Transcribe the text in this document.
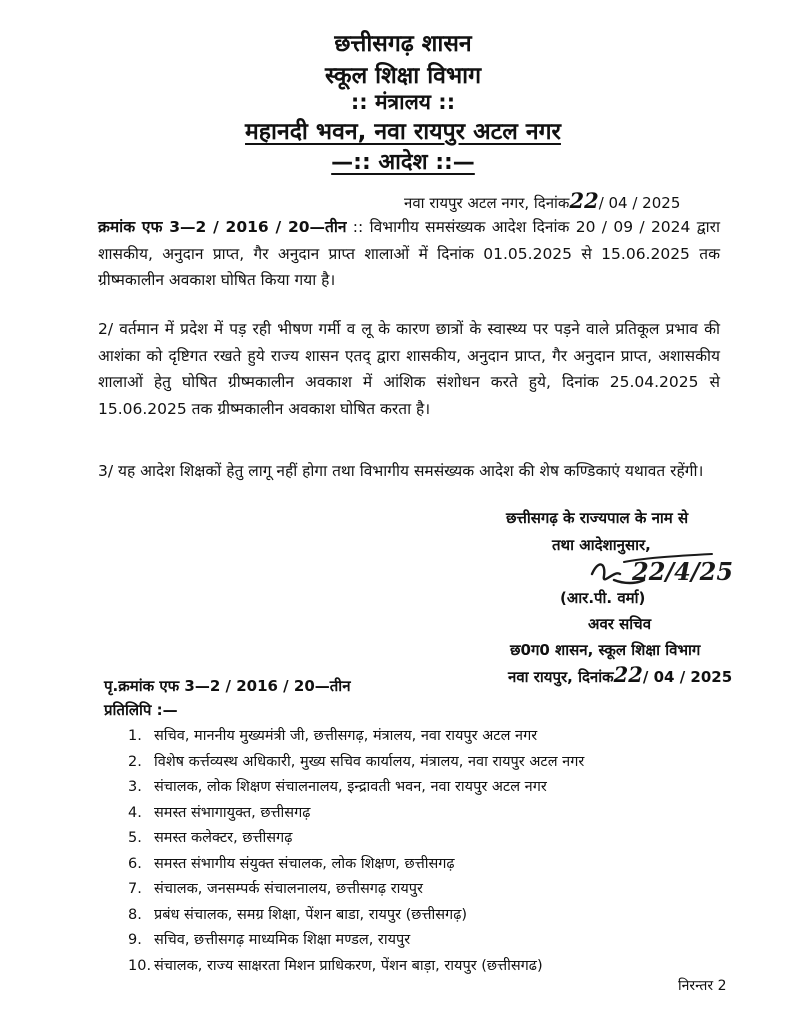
छत्तीसगढ़ शासन
स्कूल शिक्षा विभाग
:: मंत्रालय ::
महानदी भवन, नवा रायपुर अटल नगर
—:: आदेश ::—
नवा रायपुर अटल नगर, दिनांक22/ 04 / 2025
क्रमांक एफ 3—2 / 2016 / 20—तीन :: विभागीय समसंख्यक आदेश दिनांक 20 / 09 / 2024 द्वारा शासकीय, अनुदान प्राप्त, गैर अनुदान प्राप्त शालाओं में दिनांक 01.05.2025 से 15.06.2025 तक ग्रीष्मकालीन अवकाश घोषित किया गया है।
2/ वर्तमान में प्रदेश में पड़ रही भीषण गर्मी व लू के कारण छात्रों के स्वास्थ्य पर पड़ने वाले प्रतिकूल प्रभाव की आशंका को दृष्टिगत रखते हुये राज्य शासन एतद् द्वारा शासकीय, अनुदान प्राप्त, गैर अनुदान प्राप्त, अशासकीय शालाओं हेतु घोषित ग्रीष्मकालीन अवकाश में आंशिक संशोधन करते हुये, दिनांक 25.04.2025 से 15.06.2025 तक ग्रीष्मकालीन अवकाश घोषित करता है।
3/ यह आदेश शिक्षकों हेतु लागू नहीं होगा तथा विभागीय समसंख्यक आदेश की शेष कण्डिकाएं यथावत रहेंगी।
छत्तीसगढ़ के राज्यपाल के नाम से
तथा आदेशानुसार,
22/4/25
(आर.पी. वर्मा)
अवर सचिव
छ0ग0 शासन, स्कूल शिक्षा विभाग
नवा रायपुर, दिनांक22/ 04 / 2025
पृ.क्रमांक एफ 3—2 / 2016 / 20—तीन
प्रतिलिपि :—
1. सचिव, माननीय मुख्यमंत्री जी, छत्तीसगढ़, मंत्रालय, नवा रायपुर अटल नगर
2. विशेष कर्त्तव्यस्थ अधिकारी, मुख्य सचिव कार्यालय, मंत्रालय, नवा रायपुर अटल नगर
3. संचालक, लोक शिक्षण संचालनालय, इन्द्रावती भवन, नवा रायपुर अटल नगर
4. समस्त संभागायुक्त, छत्तीसगढ़
5. समस्त कलेक्टर, छत्तीसगढ़
6. समस्त संभागीय संयुक्त संचालक, लोक शिक्षण, छत्तीसगढ़
7. संचालक, जनसम्पर्क संचालनालय, छत्तीसगढ़ रायपुर
8. प्रबंध संचालक, समग्र शिक्षा, पेंशन बाडा, रायपुर (छत्तीसगढ़)
9. सचिव, छत्तीसगढ़ माध्यमिक शिक्षा मण्डल, रायपुर
10. संचालक, राज्य साक्षरता मिशन प्राधिकरण, पेंशन बाड़ा, रायपुर (छत्तीसगढ)
निरन्तर 2
